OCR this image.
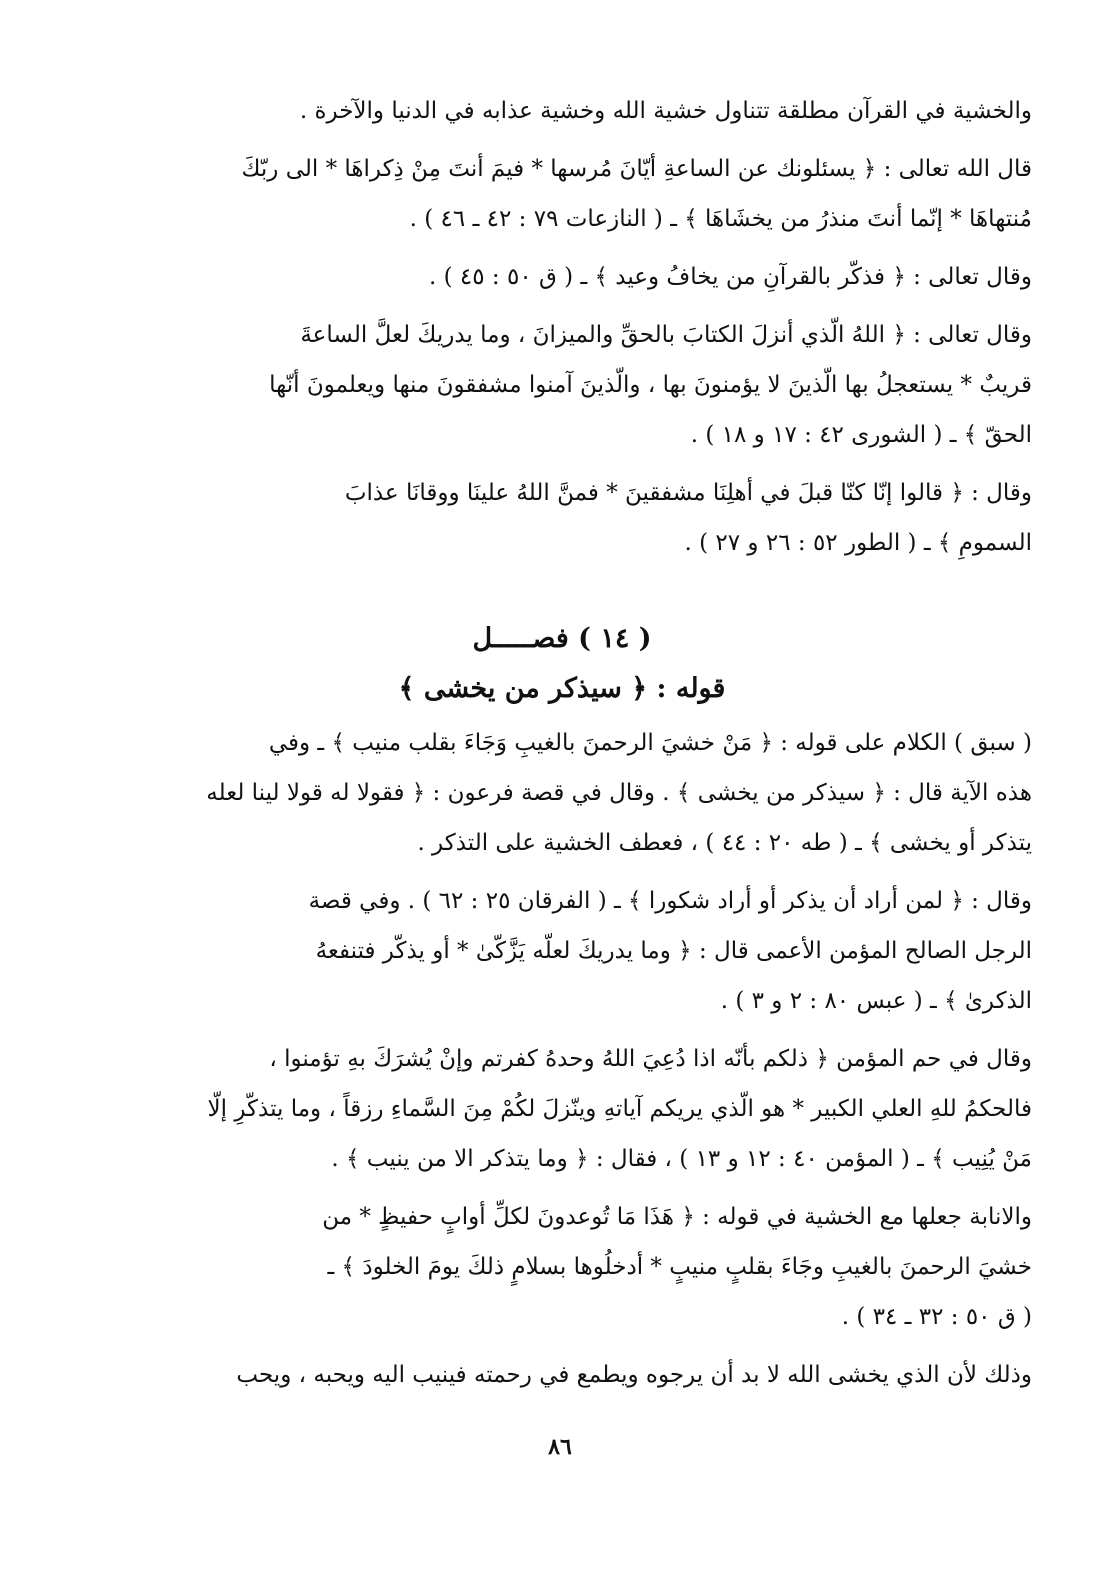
والخشية في القرآن مطلقة تتناول خشية الله وخشية عذابه في الدنيا والآخرة .

قال الله تعالى : ﴿ يسئلونك عن الساعةِ أيّانَ مُرسها * فيمَ أنتَ مِنْ ذِكراهَا * الى ربّكَ
مُنتهاهَا * إنّما أنتَ منذرُ من يخشَاهَا ﴾ ـ ( النازعات ٧٩ : ٤٢ ـ ٤٦ ) .

وقال تعالى : ﴿ فذكّر بالقرآنِ من يخافُ وعيد ﴾ ـ ( ق ٥٠ : ٤٥ ) .

وقال تعالى : ﴿ اللهُ الّذي أنزلَ الكتابَ بالحقِّ والميزانَ ، وما يدريكَ لعلَّ الساعةَ
قريبٌ * يستعجلُ بها الّذينَ لا يؤمنونَ بها ، والّذينَ آمنوا مشفقونَ منها ويعلمونَ أنّها
الحقّ ﴾ ـ ( الشورى ٤٢ : ١٧ و ١٨ ) .

وقال : ﴿ قالوا إنّا كنّا قبلَ في أهلِنَا مشفقينَ * فمنَّ اللهُ علينَا ووقانَا عذابَ
السمومِ ﴾ ـ ( الطور ٥٢ : ٢٦ و ٢٧ ) .

( ١٤ ) فصـــــل
قوله : ﴿ سيذكر من يخشى ﴾

( سبق ) الكلام على قوله : ﴿ مَنْ خشيَ الرحمنَ بالغيبِ وَجَاءَ بقلب منيب ﴾ ـ وفي
هذه الآية قال : ﴿ سيذكر من يخشى ﴾ . وقال في قصة فرعون : ﴿ فقولا له قولا لينا لعله
يتذكر أو يخشى ﴾ ـ ( طه ٢٠ : ٤٤ ) ، فعطف الخشية على التذكر .

وقال : ﴿ لمن أراد أن يذكر أو أراد شكورا ﴾ ـ ( الفرقان ٢٥ : ٦٢ ) . وفي قصة
الرجل الصالح المؤمن الأعمى قال : ﴿ وما يدريكَ لعلّه يَزَّكّىٰ * أو يذكّر فتنفعهُ
الذكرىٰ ﴾ ـ ( عبس ٨٠ : ٢ و ٣ ) .

وقال في حم المؤمن ﴿ ذلكم بأنّه اذا دُعِيَ اللهُ وحدهُ كفرتم وإنْ يُشرَكَ بهِ تؤمنوا ،
فالحكمُ للهِ العلي الكبير * هو الّذي يريكم آياتهِ وينّزلَ لكُمْ مِنَ السَّماءِ رزقاً ، وما يتذكّرِ إلّا
مَنْ يُنِيب ﴾ ـ ( المؤمن ٤٠ : ١٢ و ١٣ ) ، فقال : ﴿ وما يتذكر الا من ينيب ﴾ .

والانابة جعلها مع الخشية في قوله : ﴿ هَذَا مَا تُوعدونَ لكلِّ أوابٍ حفيظٍ * من
خشيَ الرحمنَ بالغيبِ وجَاءَ بقلبٍ منيبٍ * أدخلُوها بسلامٍ ذلكَ يومَ الخلودَ ﴾ ـ
( ق ٥٠ : ٣٢ ـ ٣٤ ) .

وذلك لأن الذي يخشى الله لا بد أن يرجوه ويطمع في رحمته فينيب اليه ويحبه ، ويحب

٨٦
